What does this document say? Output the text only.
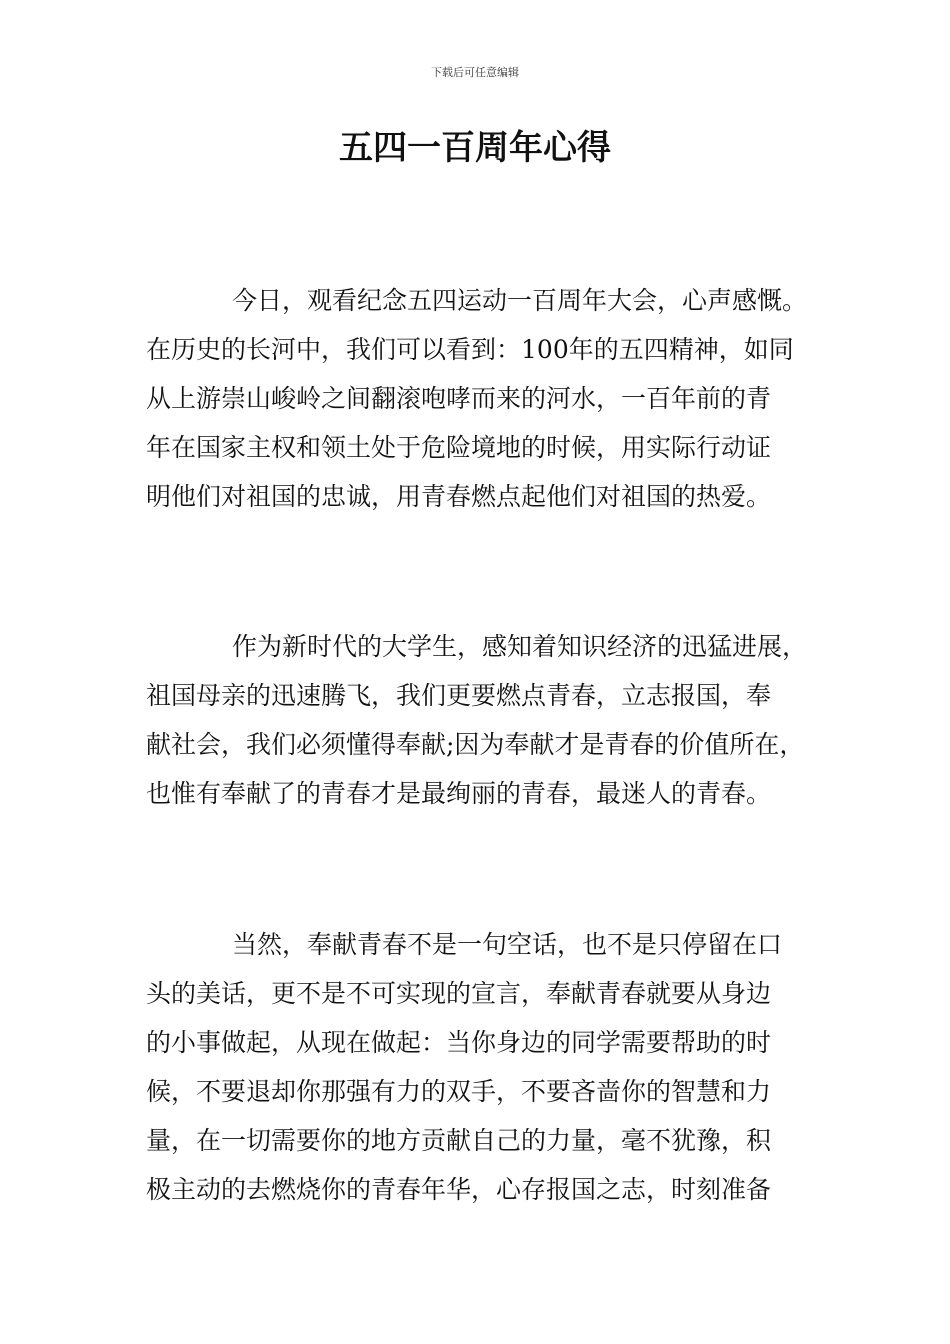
下载后可任意编辑
五四一百周年心得
今日，观看纪念五四运动一百周年大会，心声感慨。
在历史的长河中，我们可以看到：100年的五四精神，如同
从上游崇山峻岭之间翻滚咆哮而来的河水，一百年前的青
年在国家主权和领土处于危险境地的时候，用实际行动证
明他们对祖国的忠诚，用青春燃点起他们对祖国的热爱。
作为新时代的大学生，感知着知识经济的迅猛进展，
祖国母亲的迅速腾飞，我们更要燃点青春，立志报国，奉
献社会，我们必须懂得奉献;因为奉献才是青春的价值所在，
也惟有奉献了的青春才是最绚丽的青春，最迷人的青春。
当然，奉献青春不是一句空话，也不是只停留在口
头的美话，更不是不可实现的宣言，奉献青春就要从身边
的小事做起，从现在做起：当你身边的同学需要帮助的时
候，不要退却你那强有力的双手，不要吝啬你的智慧和力
量，在一切需要你的地方贡献自己的力量，毫不犹豫，积
极主动的去燃烧你的青春年华，心存报国之志，时刻准备
